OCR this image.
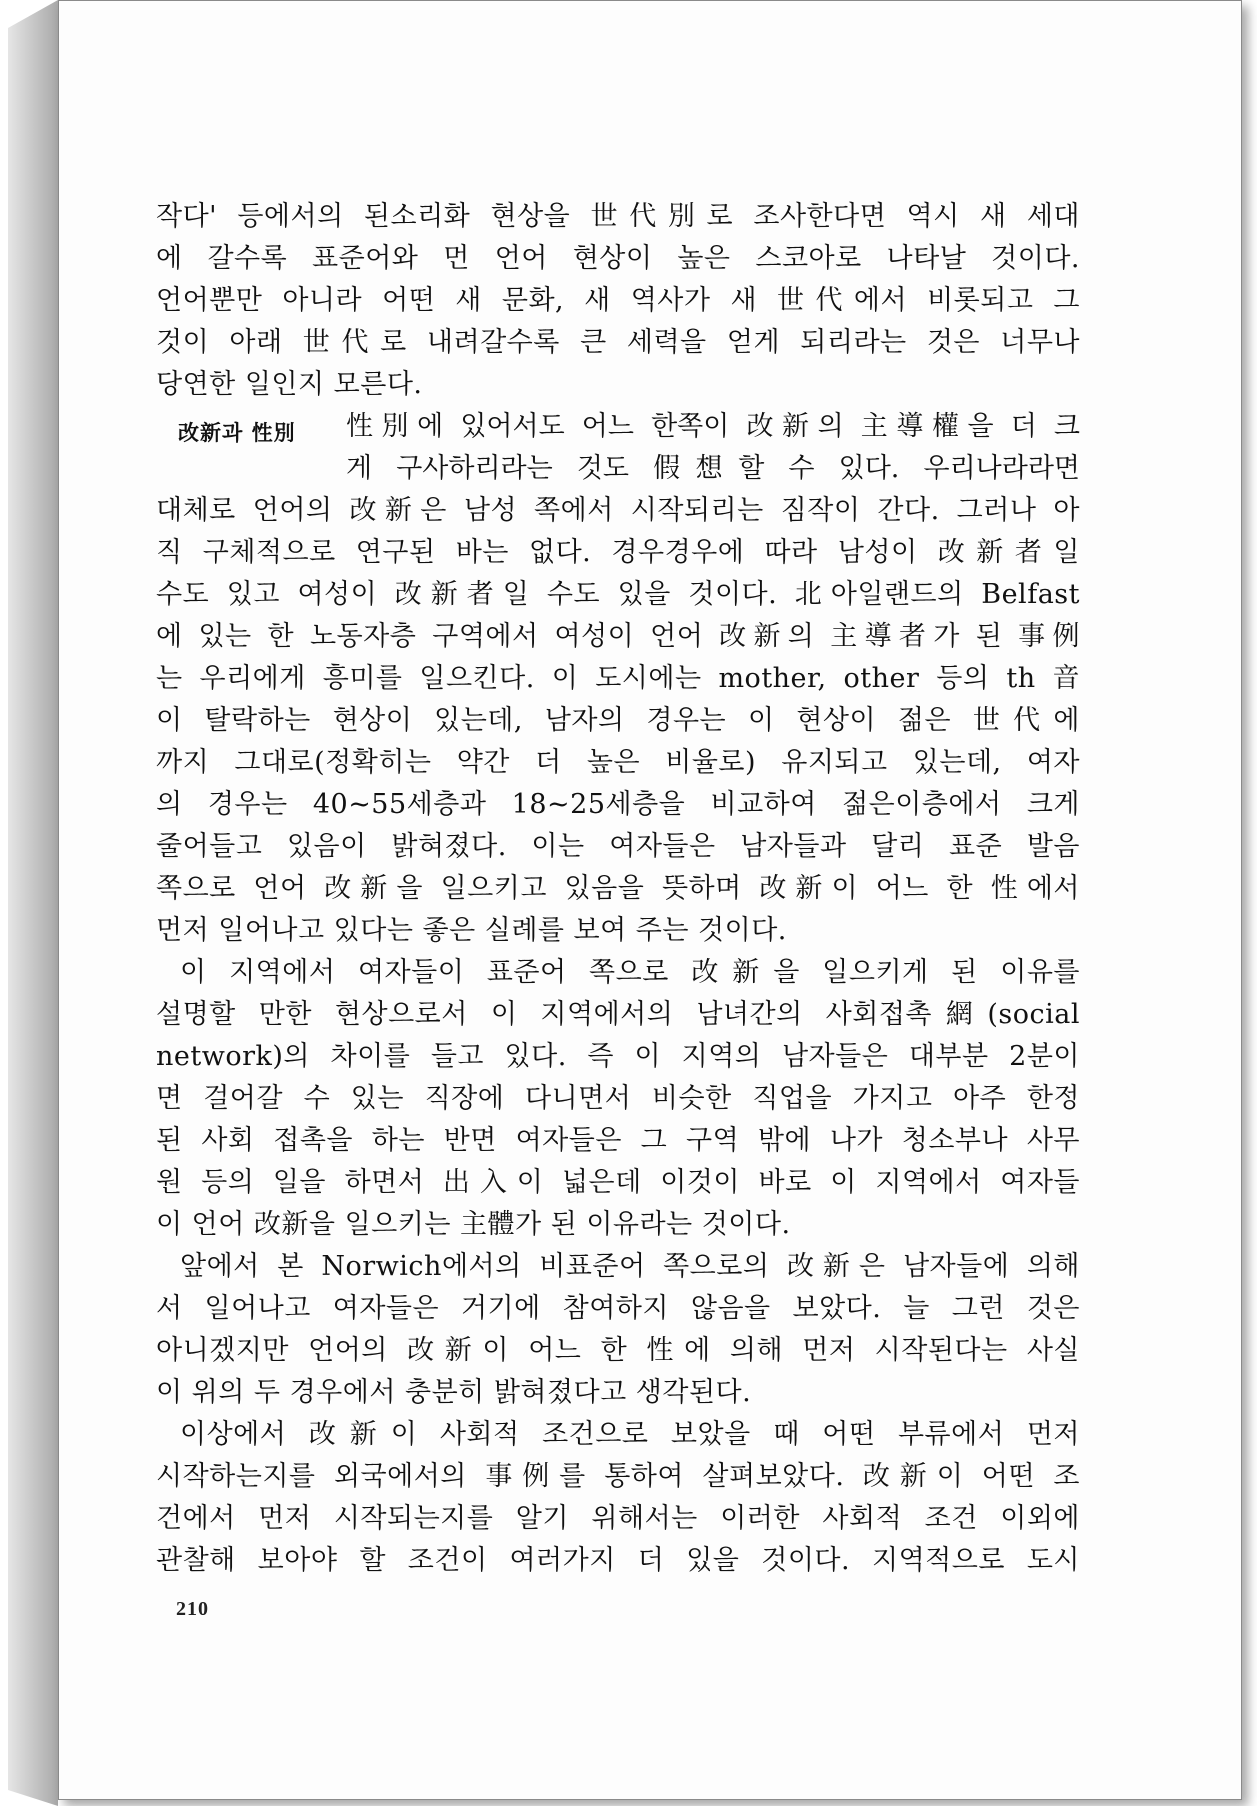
작다' 등에서의 된소리화 현상을 世代別로 조사한다면 역시 새 세대
에 갈수록 표준어와 먼 언어 현상이 높은 스코아로 나타날 것이다.
언어뿐만 아니라 어떤 새 문화, 새 역사가 새 世代에서 비롯되고 그
것이 아래 世代로 내려갈수록 큰 세력을 얻게 되리라는 것은 너무나
당연한 일인지 모른다.
改新과 性別 性別에 있어서도 어느 한쪽이 改新의 主導權을 더 크
게 구사하리라는 것도 假想할 수 있다. 우리나라라면
대체로 언어의 改新은 남성 쪽에서 시작되리는 짐작이 간다. 그러나 아
직 구체적으로 연구된 바는 없다. 경우경우에 따라 남성이 改新者일
수도 있고 여성이 改新者일 수도 있을 것이다. 北아일랜드의 Belfast
에 있는 한 노동자층 구역에서 여성이 언어 改新의 主導者가 된 事例
는 우리에게 흥미를 일으킨다. 이 도시에는 mother, other 등의 th 音
이 탈락하는 현상이 있는데, 남자의 경우는 이 현상이 젊은 世代에
까지 그대로(정확히는 약간 더 높은 비율로) 유지되고 있는데, 여자
의 경우는 40~55세층과 18~25세층을 비교하여 젊은이층에서 크게
줄어들고 있음이 밝혀졌다. 이는 여자들은 남자들과 달리 표준 발음
쪽으로 언어 改新을 일으키고 있음을 뜻하며 改新이 어느 한 性에서
먼저 일어나고 있다는 좋은 실례를 보여 주는 것이다.
이 지역에서 여자들이 표준어 쪽으로 改新을 일으키게 된 이유를
설명할 만한 현상으로서 이 지역에서의 남녀간의 사회접촉網(social
network)의 차이를 들고 있다. 즉 이 지역의 남자들은 대부분 2분이
면 걸어갈 수 있는 직장에 다니면서 비슷한 직업을 가지고 아주 한정
된 사회 접촉을 하는 반면 여자들은 그 구역 밖에 나가 청소부나 사무
원 등의 일을 하면서 出入이 넓은데 이것이 바로 이 지역에서 여자들
이 언어 改新을 일으키는 主體가 된 이유라는 것이다.
앞에서 본 Norwich에서의 비표준어 쪽으로의 改新은 남자들에 의해
서 일어나고 여자들은 거기에 참여하지 않음을 보았다. 늘 그런 것은
아니겠지만 언어의 改新이 어느 한 性에 의해 먼저 시작된다는 사실
이 위의 두 경우에서 충분히 밝혀졌다고 생각된다.
이상에서 改新이 사회적 조건으로 보았을 때 어떤 부류에서 먼저
시작하는지를 외국에서의 事例를 통하여 살펴보았다. 改新이 어떤 조
건에서 먼저 시작되는지를 알기 위해서는 이러한 사회적 조건 이외에
관찰해 보아야 할 조건이 여러가지 더 있을 것이다. 지역적으로 도시
210
